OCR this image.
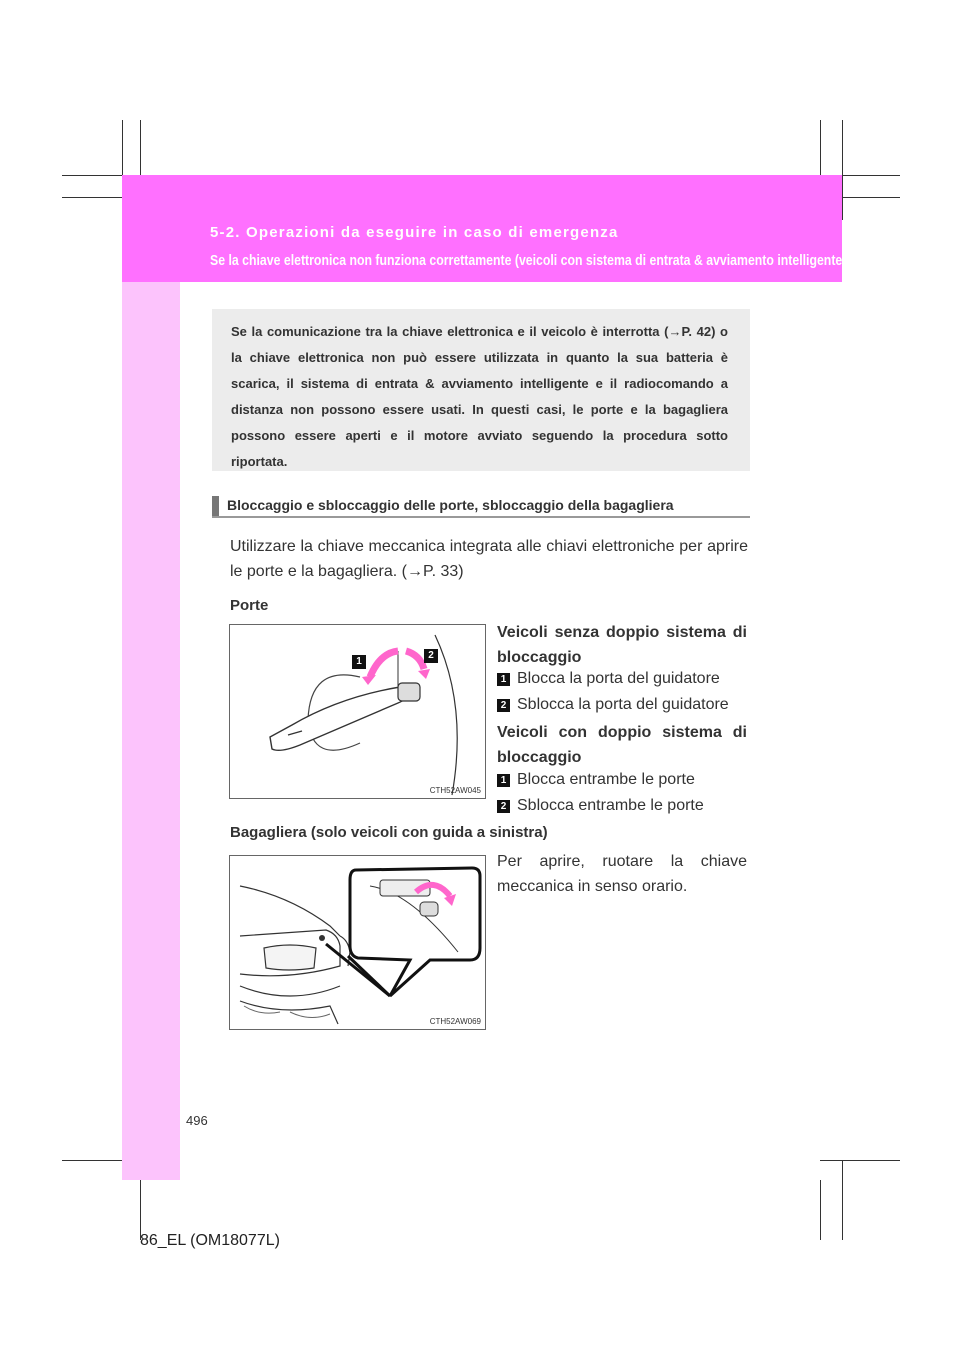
5-2. Operazioni da eseguire in caso di emergenza
Se la chiave elettronica non funziona correttamente (veicoli con sistema di entrata & avviamento intelligente)
Se la comunicazione tra la chiave elettronica e il veicolo è interrotta (→P. 42) o la chiave elettronica non può essere utilizzata in quanto la sua batteria è scarica, il sistema di entrata & avviamento intelligente e il radiocomando a distanza non possono essere usati. In questi casi, le porte e la bagagliera possono essere aperti e il motore avviato seguendo la procedura sotto riportata.
Bloccaggio e sbloccaggio delle porte, sbloccaggio della bagagliera
Utilizzare la chiave meccanica integrata alle chiavi elettroniche per aprire le porte e la bagagliera. (→P. 33)
Porte
1
2
CTH52AW045
Veicoli senza doppio sistema di bloccaggio
1 Blocca la porta del guidatore
2 Sblocca la porta del guidatore
Veicoli con doppio sistema di bloccaggio
1 Blocca entrambe le porte
2 Sblocca entrambe le porte
Bagagliera (solo veicoli con guida a sinistra)
CTH52AW069
Per aprire, ruotare la chiave meccanica in senso orario.
496
86_EL (OM18077L)
